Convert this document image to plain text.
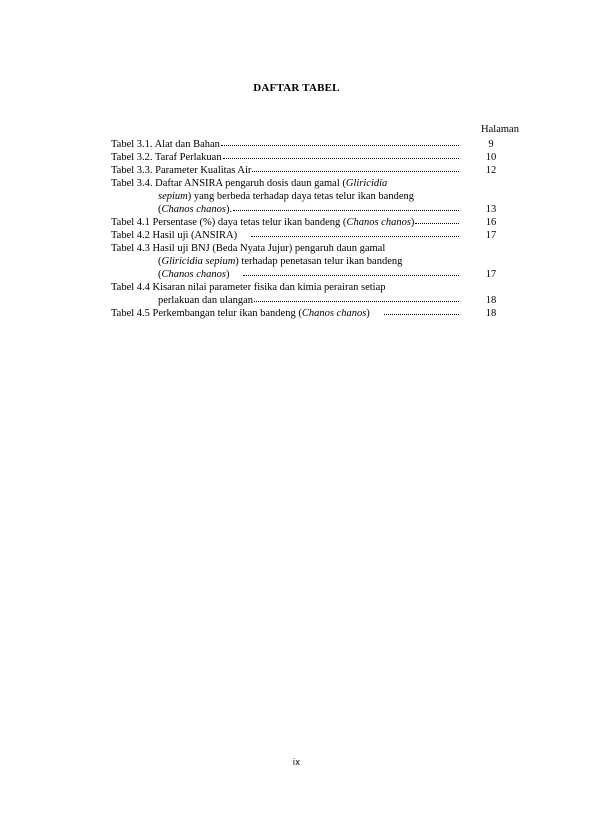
DAFTAR TABEL
Halaman
Tabel 3.1. Alat dan Bahan	9
Tabel 3.2. Taraf Perlakuan	10
Tabel 3.3. Parameter Kualitas Air	12
Tabel 3.4. Daftar ANSIRA pengaruh dosis daun gamal ( Gliricidia
sepium ) yang berbeda terhadap daya tetas telur ikan bandeng
( Chanos chanos ).	13
Tabel 4.1 Persentase (%) daya tetas telur ikan bandeng ( Chanos chanos )	16
Tabel 4.2 Hasil uji (ANSIRA)	17
Tabel 4.3 Hasil uji BNJ (Beda Nyata Jujur) pengaruh daun gamal
( Gliricidia sepium ) terhadap penetasan telur ikan bandeng
( Chanos chanos )	17
Tabel 4.4 Kisaran nilai parameter fisika dan kimia perairan setiap
perlakuan dan ulangan	18
Tabel 4.5 Perkembangan telur ikan bandeng ( Chanos chanos )	18
ix
